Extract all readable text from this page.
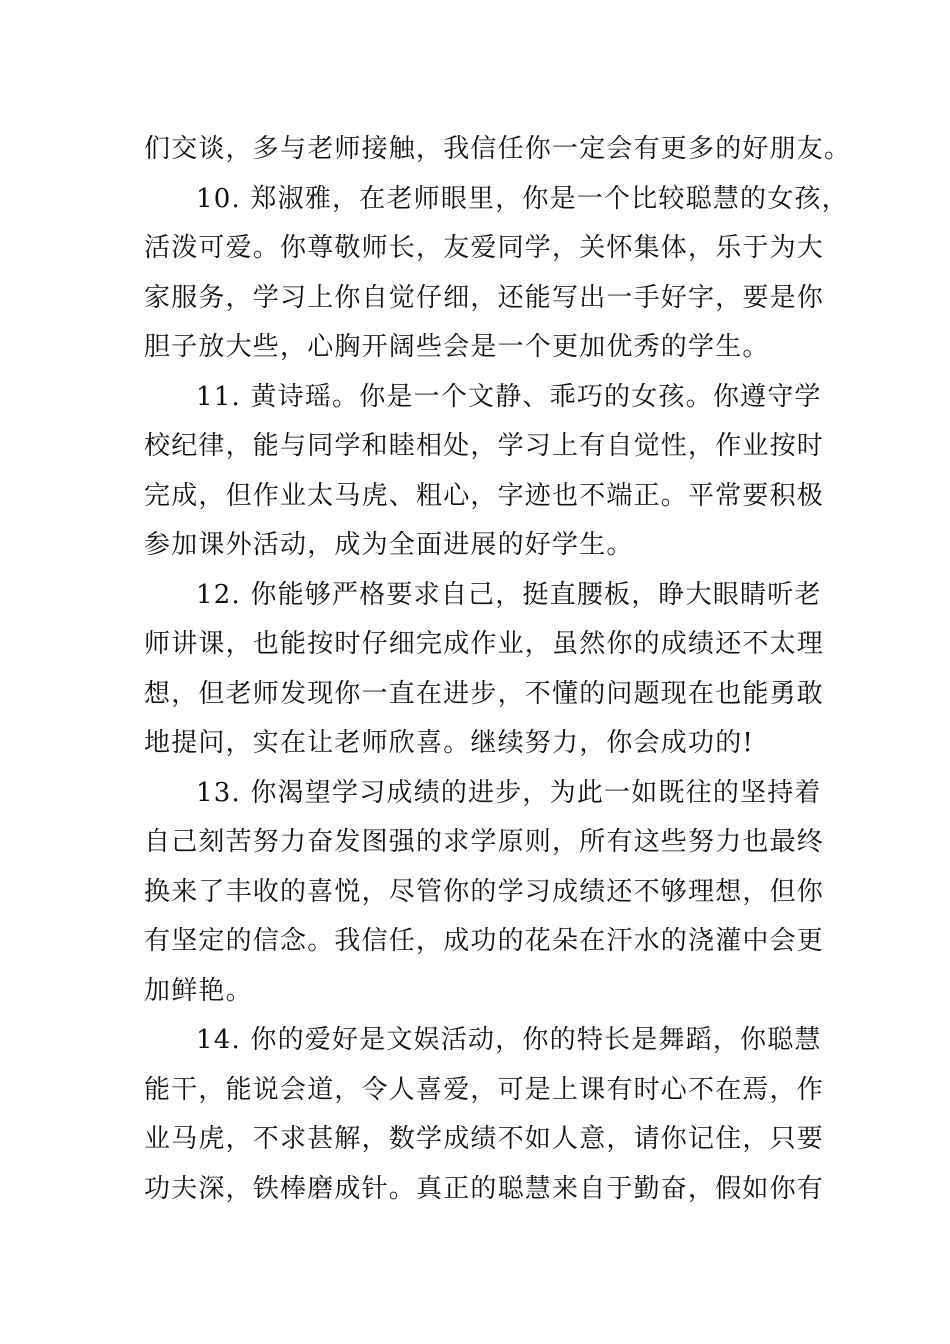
们交谈，多与老师接触，我信任你一定会有更多的好朋友。
10. 郑淑雅，在老师眼里，你是一个比较聪慧的女孩，
活泼可爱。你尊敬师长，友爱同学，关怀集体，乐于为大
家服务，学习上你自觉仔细，还能写出一手好字，要是你
胆子放大些，心胸开阔些会是一个更加优秀的学生。
11. 黄诗瑶。你是一个文静、乖巧的女孩。你遵守学
校纪律，能与同学和睦相处，学习上有自觉性，作业按时
完成，但作业太马虎、粗心，字迹也不端正。平常要积极
参加课外活动，成为全面进展的好学生。
12. 你能够严格要求自己，挺直腰板，睁大眼睛听老
师讲课，也能按时仔细完成作业，虽然你的成绩还不太理
想，但老师发现你一直在进步，不懂的问题现在也能勇敢
地提问，实在让老师欣喜。继续努力，你会成功的!
13. 你渴望学习成绩的进步，为此一如既往的坚持着
自己刻苦努力奋发图强的求学原则，所有这些努力也最终
换来了丰收的喜悦，尽管你的学习成绩还不够理想，但你
有坚定的信念。我信任，成功的花朵在汗水的浇灌中会更
加鲜艳。
14. 你的爱好是文娱活动，你的特长是舞蹈，你聪慧
能干，能说会道，令人喜爱，可是上课有时心不在焉，作
业马虎，不求甚解，数学成绩不如人意，请你记住，只要
功夫深，铁棒磨成针。真正的聪慧来自于勤奋，假如你有
